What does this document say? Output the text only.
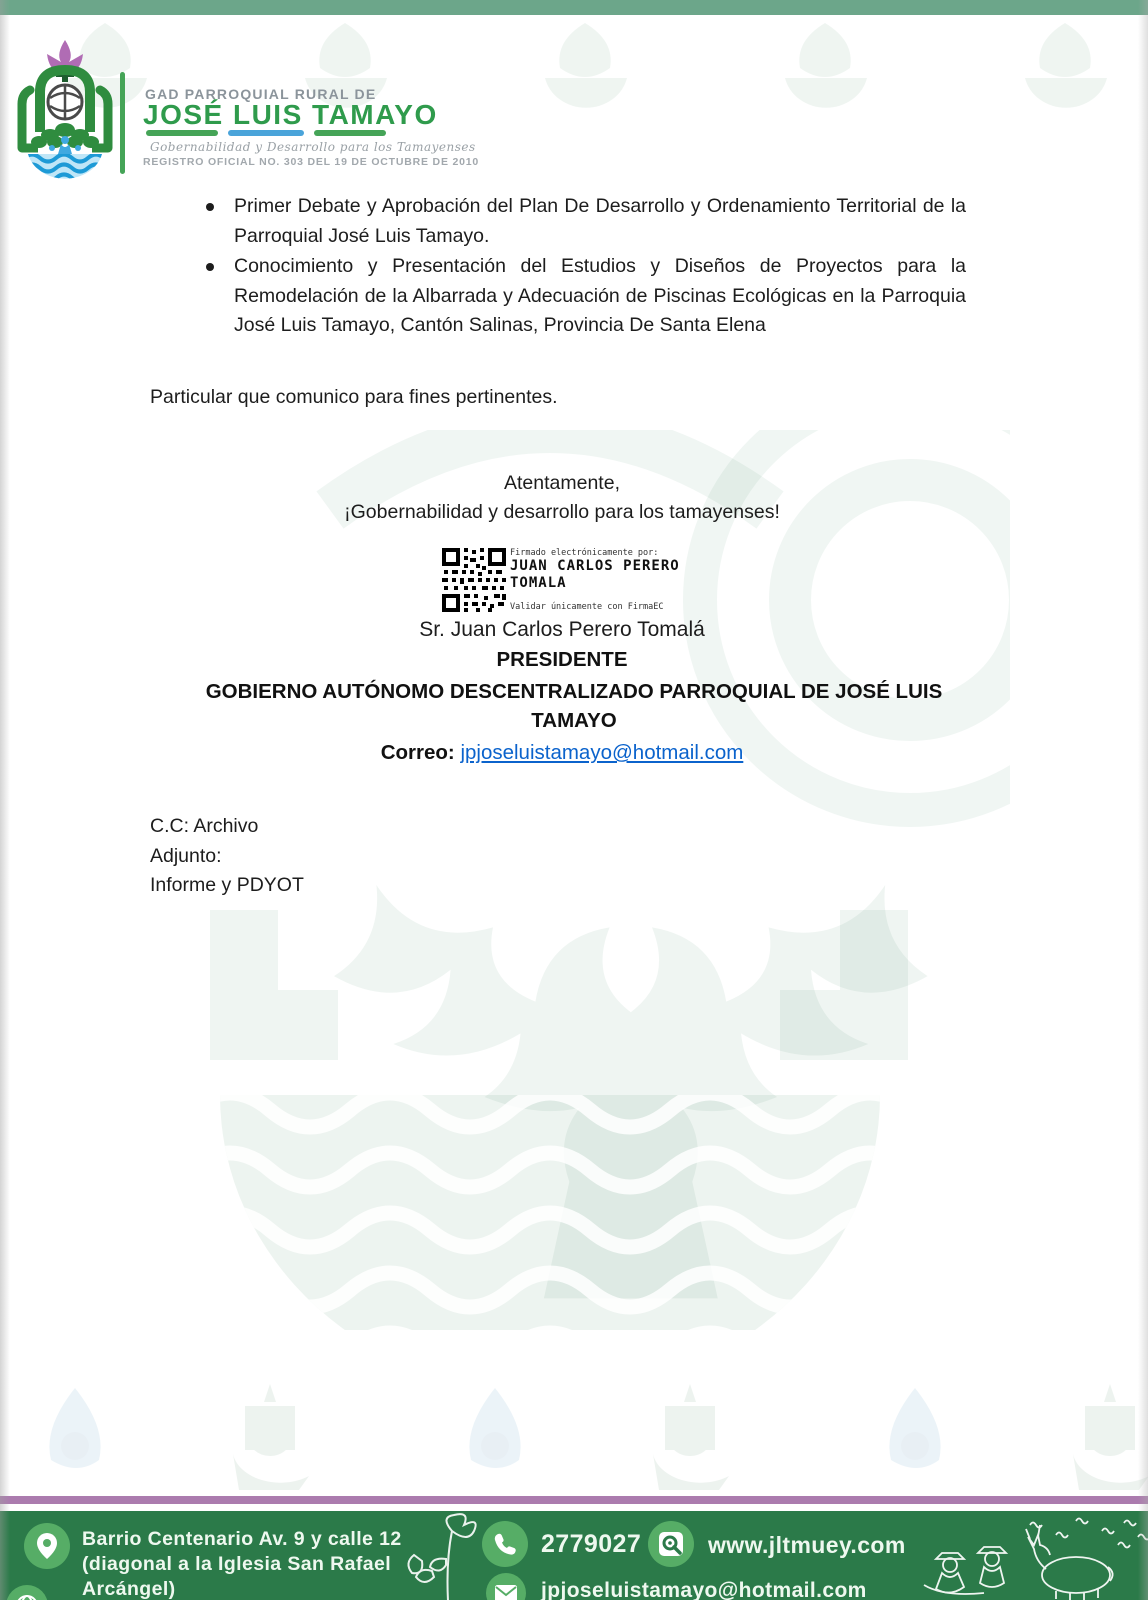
GAD PARROQUIAL RURAL DE
JOSÉ LUIS TAMAYO
Gobernabilidad y Desarrollo para los Tamayenses
REGISTRO OFICIAL NO. 303 DEL 19 DE OCTUBRE DE 2010
Primer Debate y Aprobación del Plan De Desarrollo y Ordenamiento Territorial de la Parroquial José Luis Tamayo.
Conocimiento y Presentación del Estudios y Diseños de Proyectos para la Remodelación de la Albarrada y Adecuación de Piscinas Ecológicas en la Parroquia José Luis Tamayo, Cantón Salinas, Provincia De Santa Elena
Particular que comunico para fines pertinentes.
Atentamente,
¡Gobernabilidad y desarrollo para los tamayenses!
Firmado electrónicamente por:
JUAN CARLOS PERERO
TOMALA
Validar únicamente con FirmaEC
Sr. Juan Carlos Perero Tomalá
PRESIDENTE
GOBIERNO AUTÓNOMO DESCENTRALIZADO PARROQUIAL DE JOSÉ LUIS TAMAYO
Correo: jpjoseluistamayo@hotmail.com
C.C: Archivo
Adjunto:
Informe y PDYOT
Barrio Centenario Av. 9 y calle 12
(diagonal a la Iglesia San Rafael
Arcángel)
2779027	www.jltmuey.com
jpjoseluistamayo@hotmail.com
